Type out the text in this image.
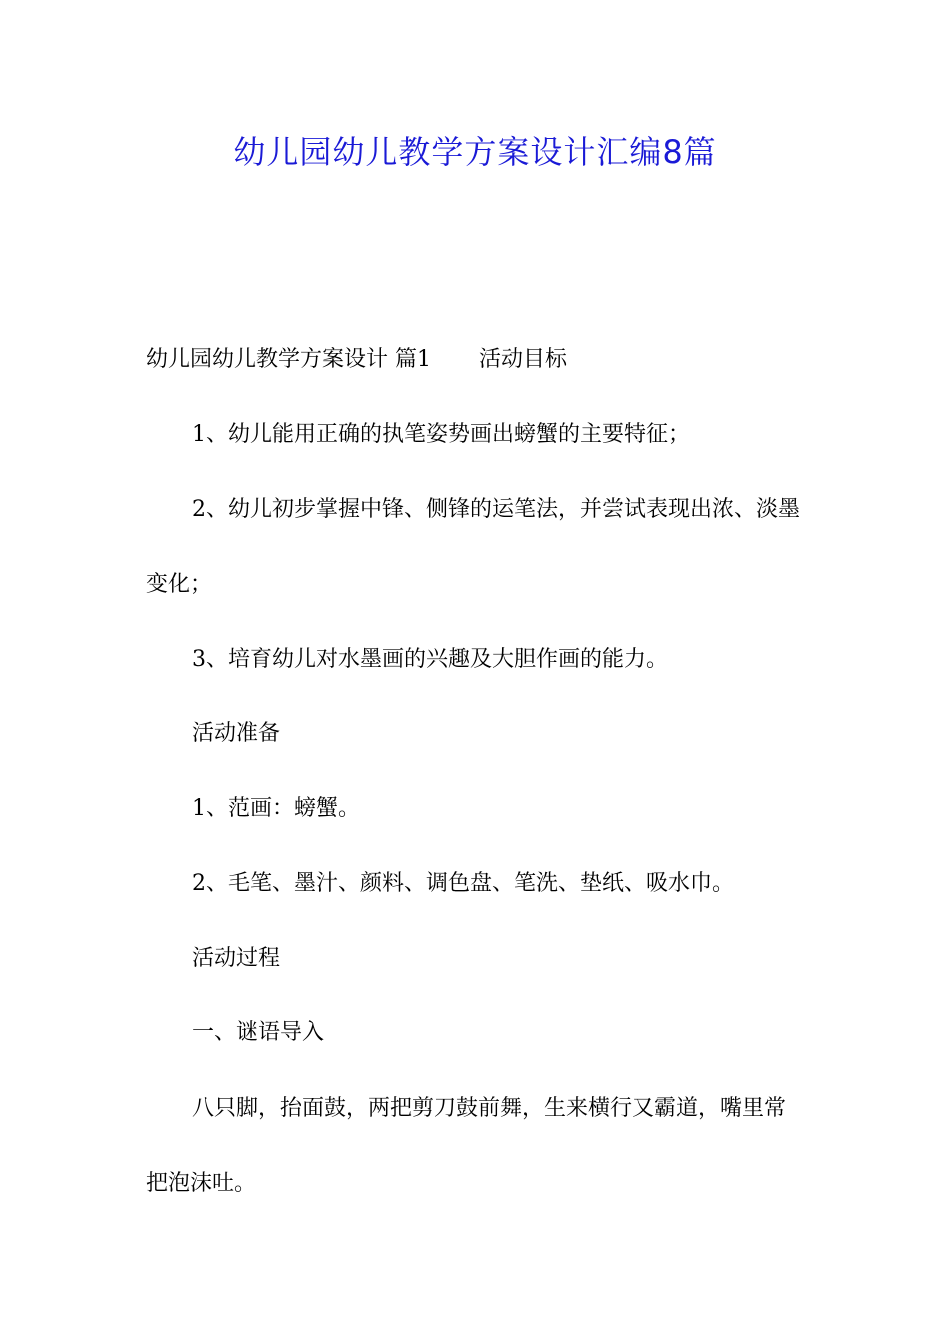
幼儿园幼儿教学方案设计汇编8篇

幼儿园幼儿教学方案设计 篇1 活动目标

1、幼儿能用正确的执笔姿势画出螃蟹的主要特征；

2、幼儿初步掌握中锋、侧锋的运笔法，并尝试表现出浓、淡墨变化；

3、培育幼儿对水墨画的兴趣及大胆作画的能力。

活动准备

1、范画：螃蟹。

2、毛笔、墨汁、颜料、调色盘、笔洗、垫纸、吸水巾。

活动过程

一、谜语导入

八只脚，抬面鼓，两把剪刀鼓前舞，生来横行又霸道，嘴里常把泡沫吐。
